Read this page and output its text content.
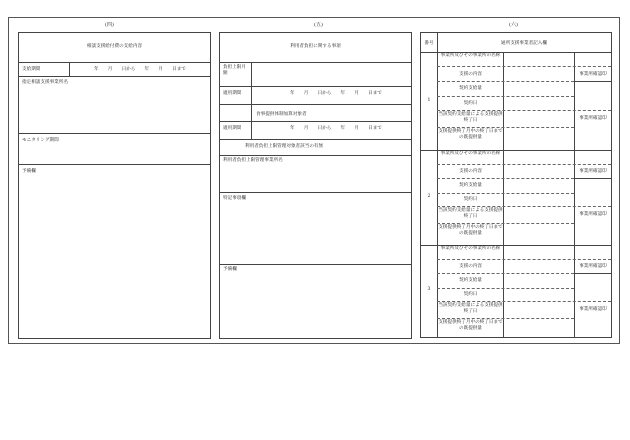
(四)	(五)	(六)
相談支援給付費の支給内容
支給期間	年　　月　　日から　　年　　月　　日まで
指定相談支援事業所名
モニタリング期間
予備欄
利用者負担に関する事項
負担上限月額
適用期間	年　　月　　日から　　年　　月　　日まで
食事提供体制加算対象者
適用期間	年　　月　　日から　　年　　月　　日まで
利用者負担上限管理対象者該当の有無
利用者負担上限管理事業所名
特記事項欄
予備欄
番号	通所支援事業者記入欄
1
事業所及びその事業所の名称
支援の内容	事業所確認印
契約支給量
契約日
当該契約支給量による支援提供終了日	事業所確認印
支援提供終了月中の終了日までの既提供量
2
事業所及びその事業所の名称
支援の内容	事業所確認印
契約支給量
契約日
当該契約支給量による支援提供終了日	事業所確認印
支援提供終了月中の終了日までの既提供量
3
事業所及びその事業所の名称
支援の内容	事業所確認印
契約支給量
契約日
当該契約支給量による支援提供終了日	事業所確認印
支援提供終了月中の終了日までの既提供量
